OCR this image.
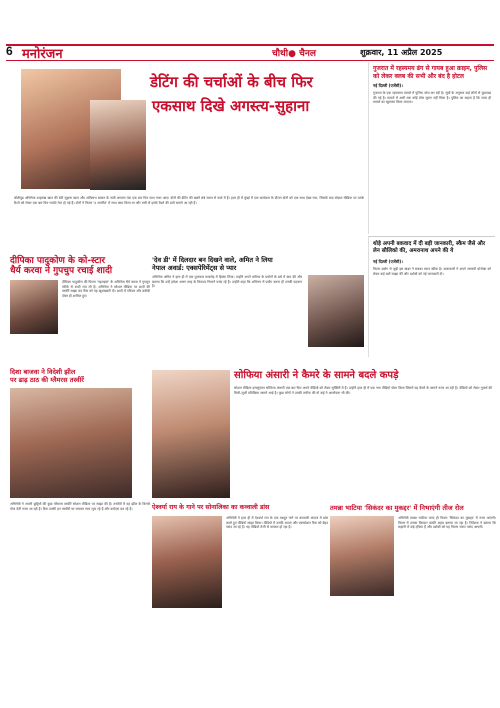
6 मनोरंजन	चौथी● चैनल	शुक्रवार, 11 अप्रैल 2025
डेटिंग की चर्चाओं के बीच फिर
एकसाथ दिखे अगस्त्य-सुहाना
बॉलीवुड अभिनेता शाहरुख खान की बेटी सुहाना खान और अमिताभ बच्चन के नाती अगस्त्य नंदा एक बार फिर साथ नजर आए। दोनों की डेटिंग की खबरें लंबे समय से चर्चा में हैं। हाल ही में मुंबई में एक कार्यक्रम के दौरान दोनों को एक साथ देखा गया, जिसके बाद सोशल मीडिया पर उनके रिश्ते को लेकर एक बार फिर चर्चाएं तेज हो गई हैं। दोनों ने फिल्म 'द आर्चीज' में साथ काम किया था और तभी से इनके रिश्ते की बातें सामने आ रही हैं।
गुजरात में रहस्यमय ढंग से गायब हुआ क्राइम, पुलिस को लेकर क्लब की सभी और बंद है होटल
नई दिल्ली (एजेंसी)।
गुजरात के एक रहस्यमय मामले में पुलिस जांच कर रही है। सूत्रों के अनुसार कई लोगों से पूछताछ की गई है। मामले में अभी तक कोई ठोस सुराग नहीं मिला है। पुलिस का कहना है कि जल्द ही मामले का खुलासा किया जाएगा।
थोड़े अपनी बकवाद में दी बड़ी जानकारी, स्कैम जैसे और लेन सौलिको की, अमरानाथ अपने की ये
नई दिल्ली (एजेंसी)।
फिल्म उद्योग से जुड़ी इस खबर ने सबका ध्यान खींचा है। कलाकारों ने अपने आगामी प्रोजेक्ट को लेकर कई बातें साझा कीं और दर्शकों को नई जानकारी दी।
दीपिका पादुकोण के को-स्टार
धैर्य करवा ने गुपचुप रचाई शादी
दीपिका पादुकोण की फिल्म 'गहराइयां' के अभिनेता धैर्य करवा ने गुपचुप तरीके से शादी रचा ली है। अभिनेता ने सोशल मीडिया पर शादी की तस्वीरें साझा कर फैंस को यह खुशखबरी दी। शादी में परिवार और करीबी दोस्त ही शामिल हुए।
'देव डी' में दिलदार बन दिखने वाले, अमित ने लिया
नेपाल अवार्ड: एक्सपेरिमेंट्स से प्यार
अभिनेता अमित ने हाल ही में एक पुरस्कार समारोह में हिस्सा लिया। उन्होंने अपने करियर के प्रयोगों के बारे में बात की और बताया कि उन्हें हमेशा अलग तरह के किरदार निभाने पसंद रहे हैं। उन्होंने कहा कि अभिनय में प्रयोग करना ही उनकी पहचान है।
दिशा बाजवा ने विदेशी झील
पर ढाढ़ ठाठ की ग्लैमरस तस्वीरें
अभिनेत्री ने अपनी छुट्टियों की कुछ ग्लैमरस तस्वीरें सोशल मीडिया पर साझा की हैं। तस्वीरों में वह झील के किनारे पोज देती नजर आ रही हैं। फैंस उनकी इन तस्वीरों पर जमकर प्यार लुटा रहे हैं और कमेंट्स कर रहे हैं।
सोफिया अंसारी ने कैमरे के सामने बदले कपड़े
सोशल मीडिया इन्फ्लुएंसर सोफिया अंसारी एक बार फिर अपने वीडियो को लेकर सुर्खियों में हैं। उन्होंने हाल ही में एक नया वीडियो पोस्ट किया जिसमें वह कैमरे के सामने नजर आ रही हैं। वीडियो को लेकर यूजर्स की मिली-जुली प्रतिक्रिया सामने आई है। कुछ लोगों ने उनकी तारीफ की तो कई ने आलोचना भी की।
ऐश्वर्या राय के गाने पर सोनालिका का कव्वाली डांस
अभिनेत्री ने हाल ही में ऐश्वर्या राय के एक मशहूर गाने पर कव्वाली अंदाज में डांस करते हुए वीडियो साझा किया। वीडियो में उनकी अदाएं और एक्सप्रेशन फैंस को बेहद पसंद आ रहे हैं। यह वीडियो तेजी से वायरल हो रहा है।
तमन्ना भाटिया 'सिकंदर का मुकद्दर' में निभाएंगी तीज रोल
अभिनेत्री तमन्ना भाटिया जल्द ही फिल्म 'सिकंदर का मुकद्दर' में नजर आएंगी। फिल्म में उनका किरदार काफी अहम बताया जा रहा है। निर्देशक ने बताया कि कहानी में कई ट्विस्ट हैं और दर्शकों को यह फिल्म जरूर पसंद आएगी।
